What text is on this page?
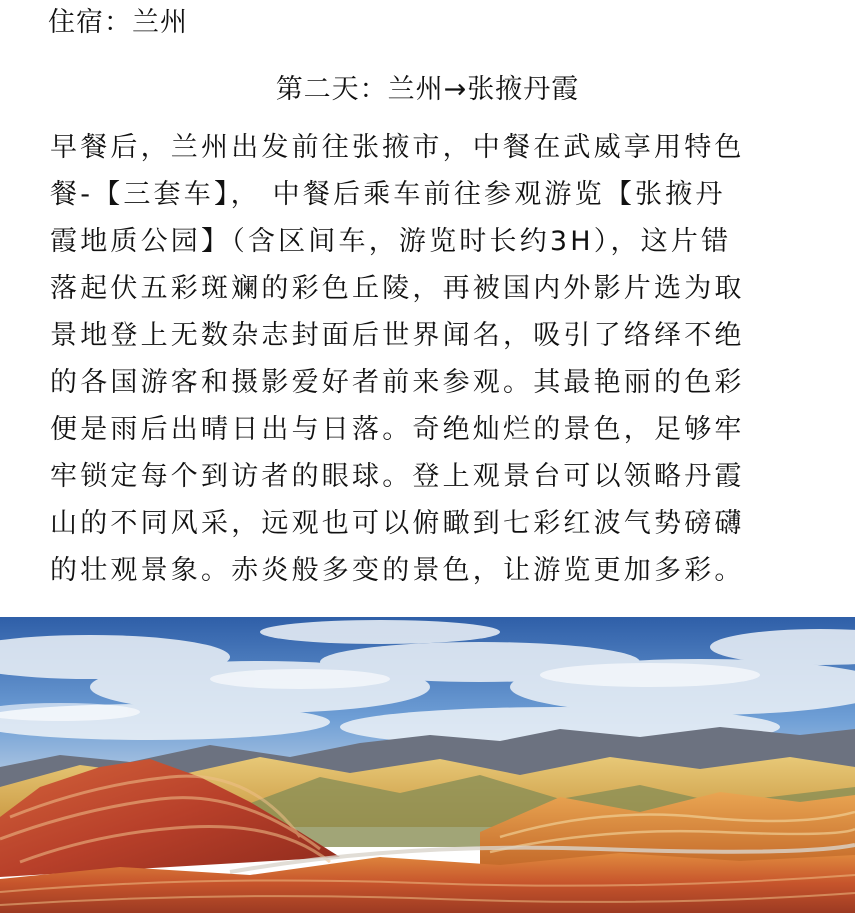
住宿：兰州

第二天：兰州→张掖丹霞
早餐后，兰州出发前往张掖市，中餐在武威享用特色
餐-【三套车】， 中餐后乘车前往参观游览【张掖丹
霞地质公园】（含区间车，游览时长约3H），这片错
落起伏五彩斑斓的彩色丘陵，再被国内外影片选为取
景地登上无数杂志封面后世界闻名，吸引了络绎不绝
的各国游客和摄影爱好者前来参观。其最艳丽的色彩
便是雨后出晴日出与日落。奇绝灿烂的景色，足够牢
牢锁定每个到访者的眼球。登上观景台可以领略丹霞
山的不同风采，远观也可以俯瞰到七彩红波气势磅礴
的壮观景象。赤炎般多变的景色，让游览更加多彩。
